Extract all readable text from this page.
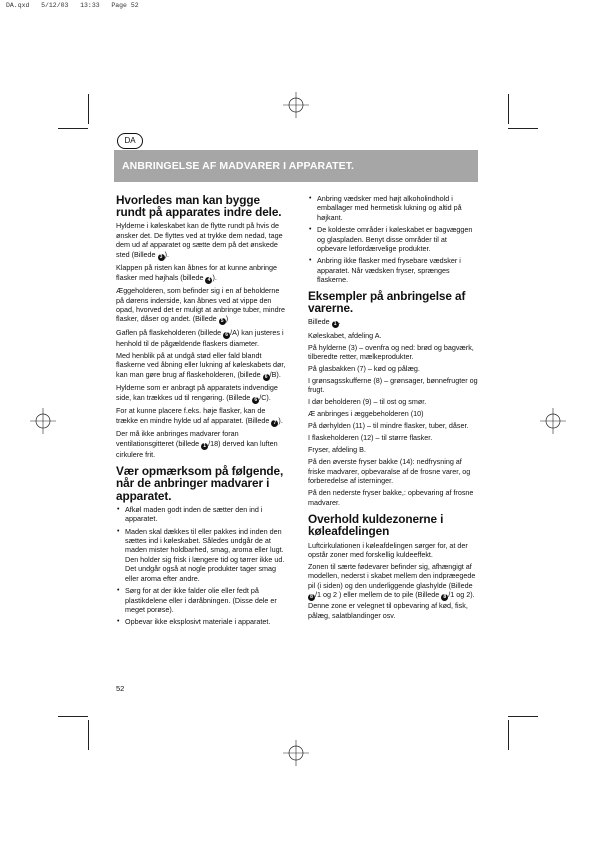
DA.qxd   5/12/03   13:33   Page 52
DA
ANBRINGELSE AF MADVARER I APPARATET.
Hvorledes man kan bygge rundt på apparates indre dele.

Hylderne i køleskabet kan de flytte rundt på hvis de ønsker det. De flyttes ved at trykke dem nedad, tage dem ud af apparatet og sætte dem på det ønskede sted (Billede 3 ).

Klappen på risten kan åbnes for at kunne anbringe flasker med højhals (billede 4 ).

Æggeholderen, som befinder sig i en af beholderne på dørens inderside, kan åbnes ved at vippe den opad, hvorved det er muligt at anbringe tuber, mindre flasker, dåser og andet. (Billede 5 )

Gaflen på flaskeholderen (billede 6 /A) kan justeres i henhold til de pågældende flaskers diameter.

Med henblik på at undgå stød eller fald blandt flaskerne ved åbning eller lukning af køleskabets dør, kan man gøre brug af flaskeholderen, (billede 6 /B).

Hylderne som er anbragt på apparatets indvendige side, kan trækkes ud til rengøring. (Billede 6 /C).

For at kunne placere f.eks. høje flasker, kan de trække en mindre hylde ud af apparatet. (Billede 7 ).

Der må ikke anbringes madvarer foran ventilationsgitteret (billede 1 /18) derved kan luften cirkulere frit.

Vær opmærksom på følgende, når de anbringer madvarer i apparatet.
• Afkøl maden godt inden de sætter den ind i apparatet.
• Maden skal dækkes til eller pakkes ind inden den sættes ind i køleskabet. Således undgår de at maden mister holdbarhed, smag, aroma eller lugt. Den holder sig frisk i længere tid og tørrer ikke ud. Det undgår også at nogle produkter tager smag eller aroma efter andre.
• Sørg for at der ikke falder olie eller fedt på plastikdelene eller i døråbningen. (Disse dele er meget porøse).
• Opbevar ikke eksplosivt materiale i apparatet.
• Anbring vædsker med højt alkoholindhold i emballager med hermetisk lukning og altid på højkant.
• De koldeste områder i køleskabet er bagvæggen og glaspladen. Benyt disse områder til at opbevare letfordærvelige produkter.
• Anbring ikke flasker med frysebare vædsker i apparatet. Når vædsken fryser, sprænges flaskerne.
Eksempler på anbringelse af varerne.

Billede 1 .

Køleskabet, afdeling A.

På hylderne (3) – ovenfra og ned: brød og bagværk, tilberedte retter, mælkeprodukter.

På glasbakken (7) – kød og pålæg.

I grønsagsskufferne (8) – grønsager, bønnefrugter og frugt.

I dør beholderen (9) – til ost og smør.

Æ anbringes i æggebeholderen (10)

På dørhylden (11) – til mindre flasker, tuber, dåser.

I flaskeholderen (12) – til større flasker.

Fryser, afdeling B.

På den øverste fryser bakke (14): nedfrysning af friske madvarer, opbevaralse af de frosne varer, og forberedelse af isterninger.

På den nederste fryser bakke,: opbevaring af frosne madvarer.

Overhold kuldezonerne i køleafdelingen

Luftcirkulationen i køleafdelingen sørger for, at der opstår zoner med forskellig kuldeeffekt.

Zonen til særte fødevarer befinder sig, afhængigt af modellen, nederst i skabet mellem den indpræegede pil (i siden) og den underliggende glashylde (Billede 8 /1 og 2 ) eller mellem de to pile (Billede 8 /1 og 2). Denne zone er velegnet til opbevaring af kød, fisk, pålæg, salatblandinger osv.

52
